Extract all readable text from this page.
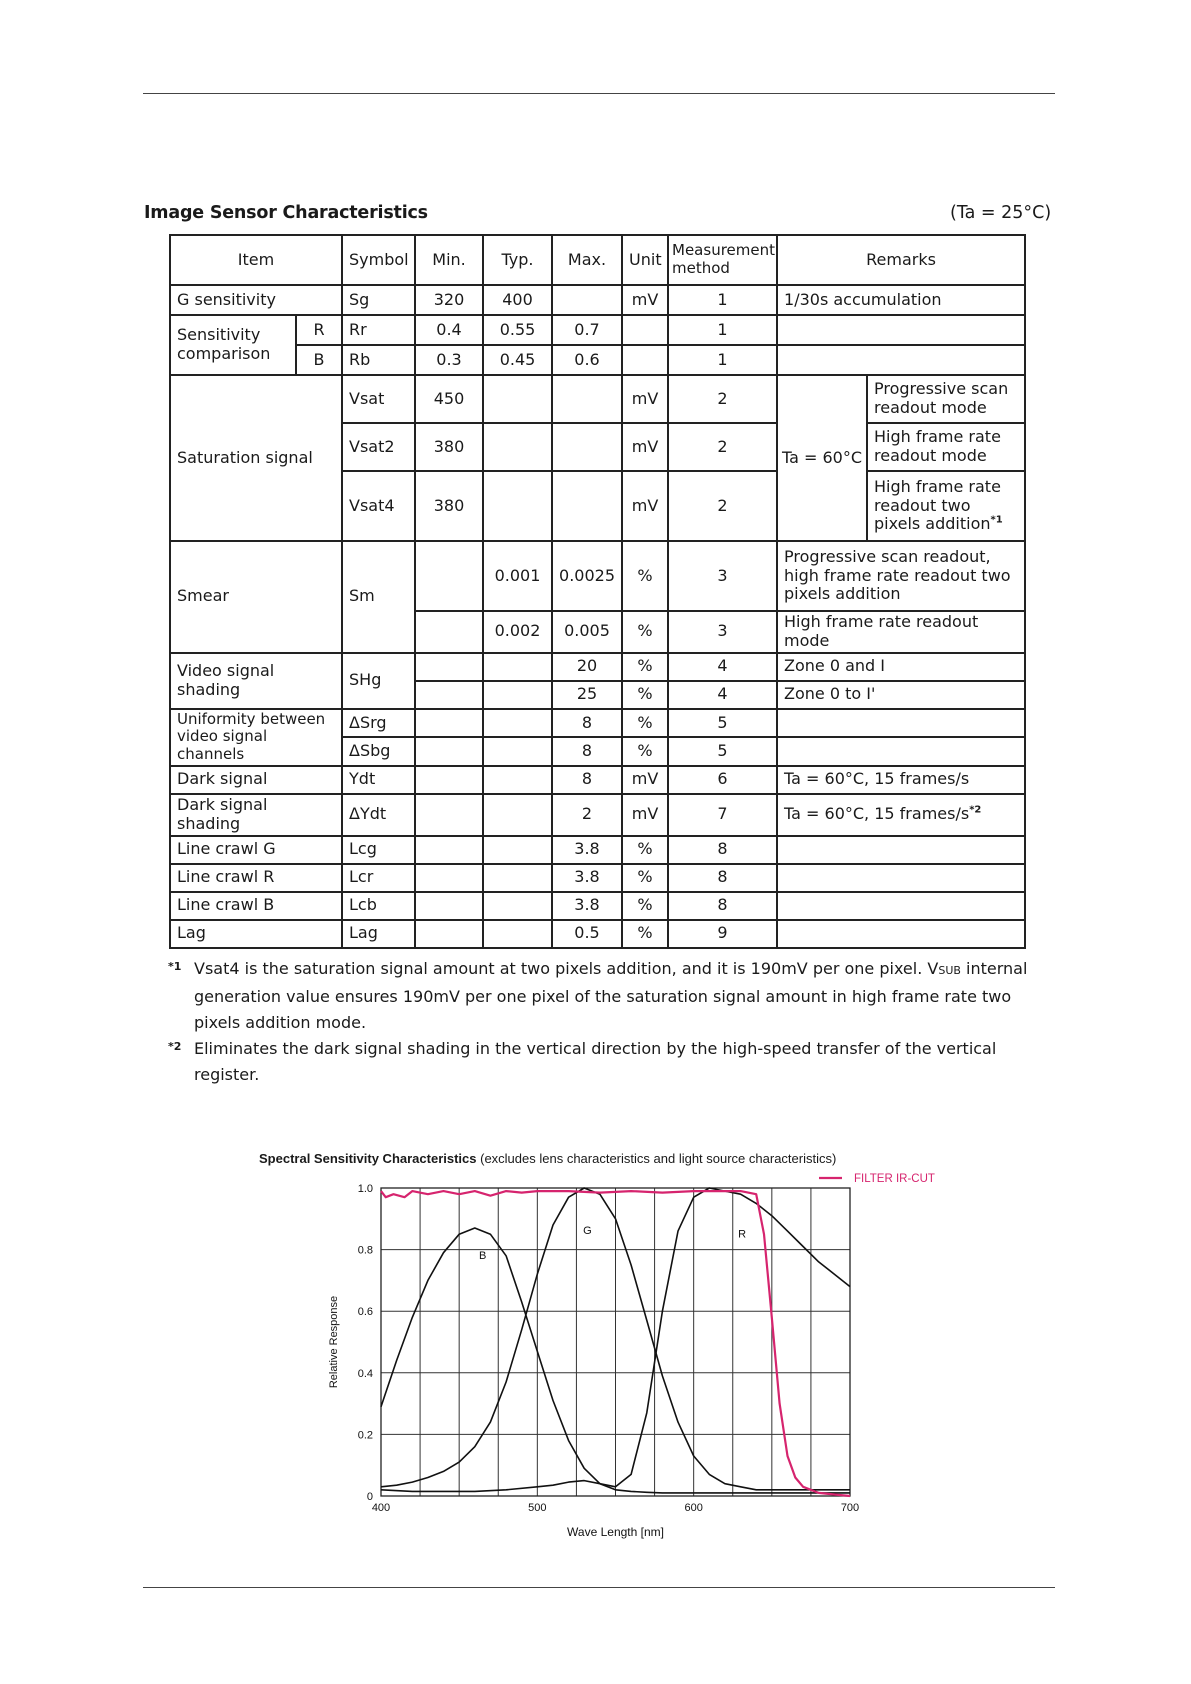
Image Sensor Characteristics	(Ta = 25°C)
Item		Symbol	Min.	Typ.	Max.	Unit	Measurement method	Remarks	
G sensitivity		Sg	320	400		mV	1	1/30s accumulation	
Sensitivity comparison	R	Rr	0.4	0.55	0.7		1		
	B	Rb	0.3	0.45	0.6		1		
Saturation signal		Vsat	450			mV	2	Ta = 60°C	Progressive scan readout mode
		Vsat2	380			mV	2		High frame rate readout mode
		Vsat4	380			mV	2		High frame rate readout two pixels addition$^{*1}$
Smear		Sm		0.001	0.0025	%	3	Progressive scan readout, high frame rate readout two pixels addition	
				0.002	0.005	%	3	High frame rate readout mode	
Video signal shading		SHg			20	%	4	Zone 0 and Ⅰ	
					25	%	4	Zone 0 to Ⅰ'	
Uniformity between video signal channels		ΔSrg			8	%	5		
		ΔSbg			8	%	5		
Dark signal		Ydt			8	mV	6	Ta = 60°C, 15 frames/s	
Dark signal shading		ΔYdt			2	mV	7	Ta = 60°C, 15 frames/s$^{*2}$
Line crawl G		Lcg			3.8	%	8		
Line crawl R		Lcr			3.8	%	8		
Line crawl B		Lcb			3.8	%	8		
Lag		Lag			0.5	%	9		
*1 Vsat4 is the saturation signal amount at two pixels addition, and it is 190mV per one pixel. VSUB internal generation value ensures 190mV per one pixel of the saturation signal amount in high frame rate two pixels addition mode.
*2 Eliminates the dark signal shading in the vertical direction by the high-speed transfer of the vertical register.
Spectral Sensitivity Characteristics (excludes lens characteristics and light source characteristics)
0
0.2
0.4
0.6
0.8
1.0
400	500	600	700
Wave Length [nm]
Relative Response
B
G	R
FILTER IR-CUT
